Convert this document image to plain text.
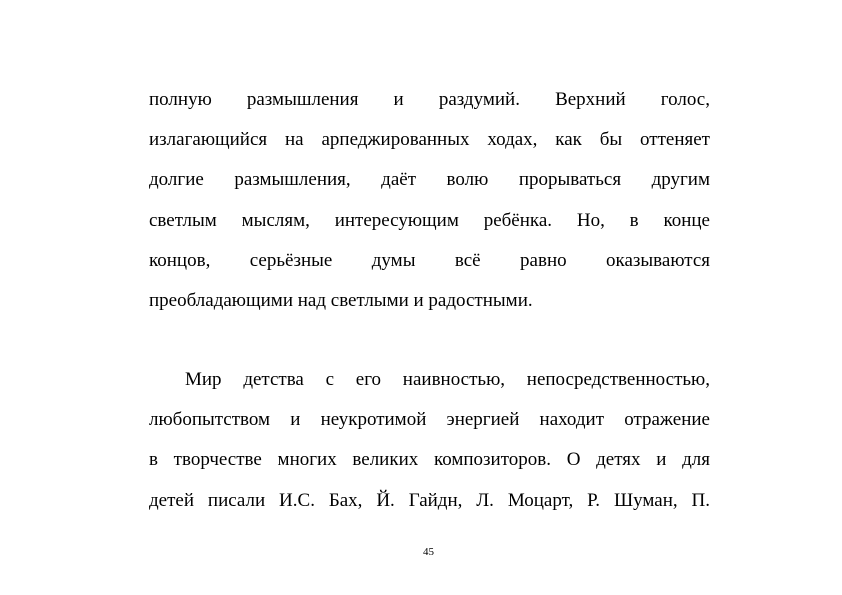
полную размышления и раздумий. Верхний голос,
излагающийся на арпеджированных ходах, как бы оттеняет
долгие размышления, даёт волю прорываться другим
светлым мыслям, интересующим ребёнка. Но, в конце
концов, серьёзные думы всё равно оказываются
преобладающими над светлыми и радостными.
Мир детства с его наивностью, непосредственностью,
любопытством и неукротимой энергией находит отражение
в творчестве многих великих композиторов. О детях и для
детей писали И.С. Бах, Й. Гайдн, Л. Моцарт, Р. Шуман, П.
45
